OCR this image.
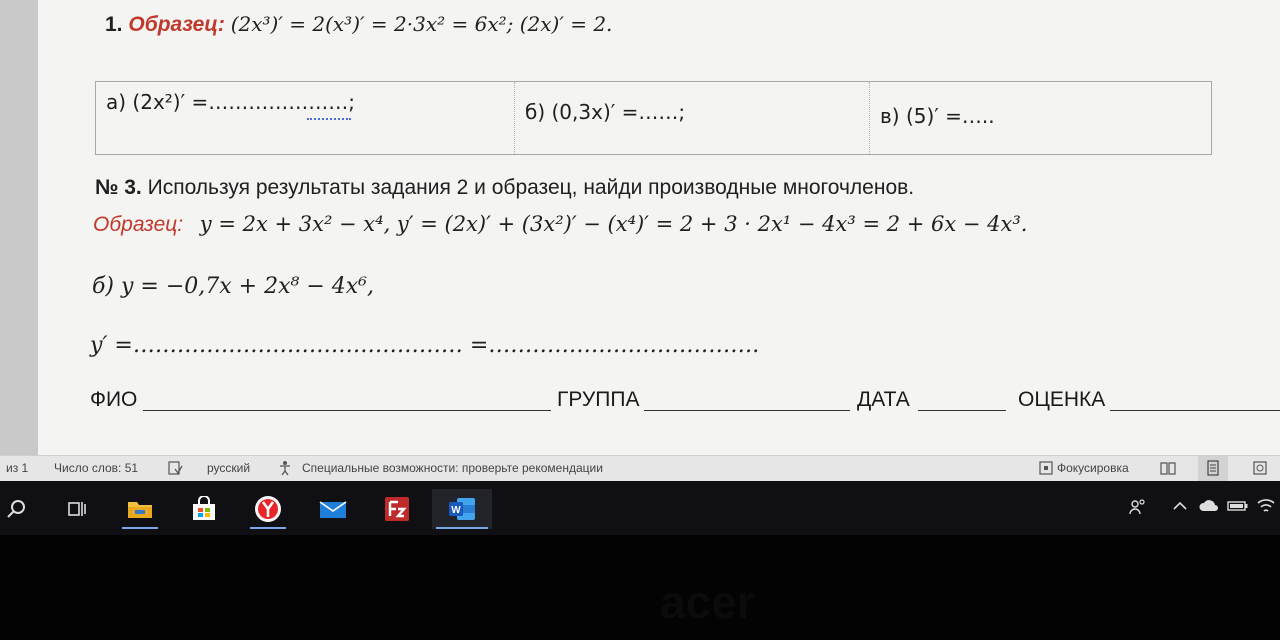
1. Образец: (2x³)′ = 2(x³)′ = 2·3x² = 6x²; (2x)′ = 2.
а) (2x²)′ =…………………;	б) (0,3x)′ =……;	в) (5)′ =…..
№ 3. Используя результаты задания 2 и образец, найди производные многочленов.
Образец: y = 2x + 3x² − x⁴, y′ = (2x)′ + (3x²)′ − (x⁴)′ = 2 + 3 · 2x¹ − 4x³ = 2 + 6x − 4x³.
б) y = −0,7x + 2x⁸ − 4x⁶,
y′ =……………………………………… =……………………………….
ФИО	ГРУППА	ДАТА	ОЦЕНКА
из 1 Число слов: 51	русский	Специальные возможности: проверьте рекомендации	Фокусировка
W
acer
